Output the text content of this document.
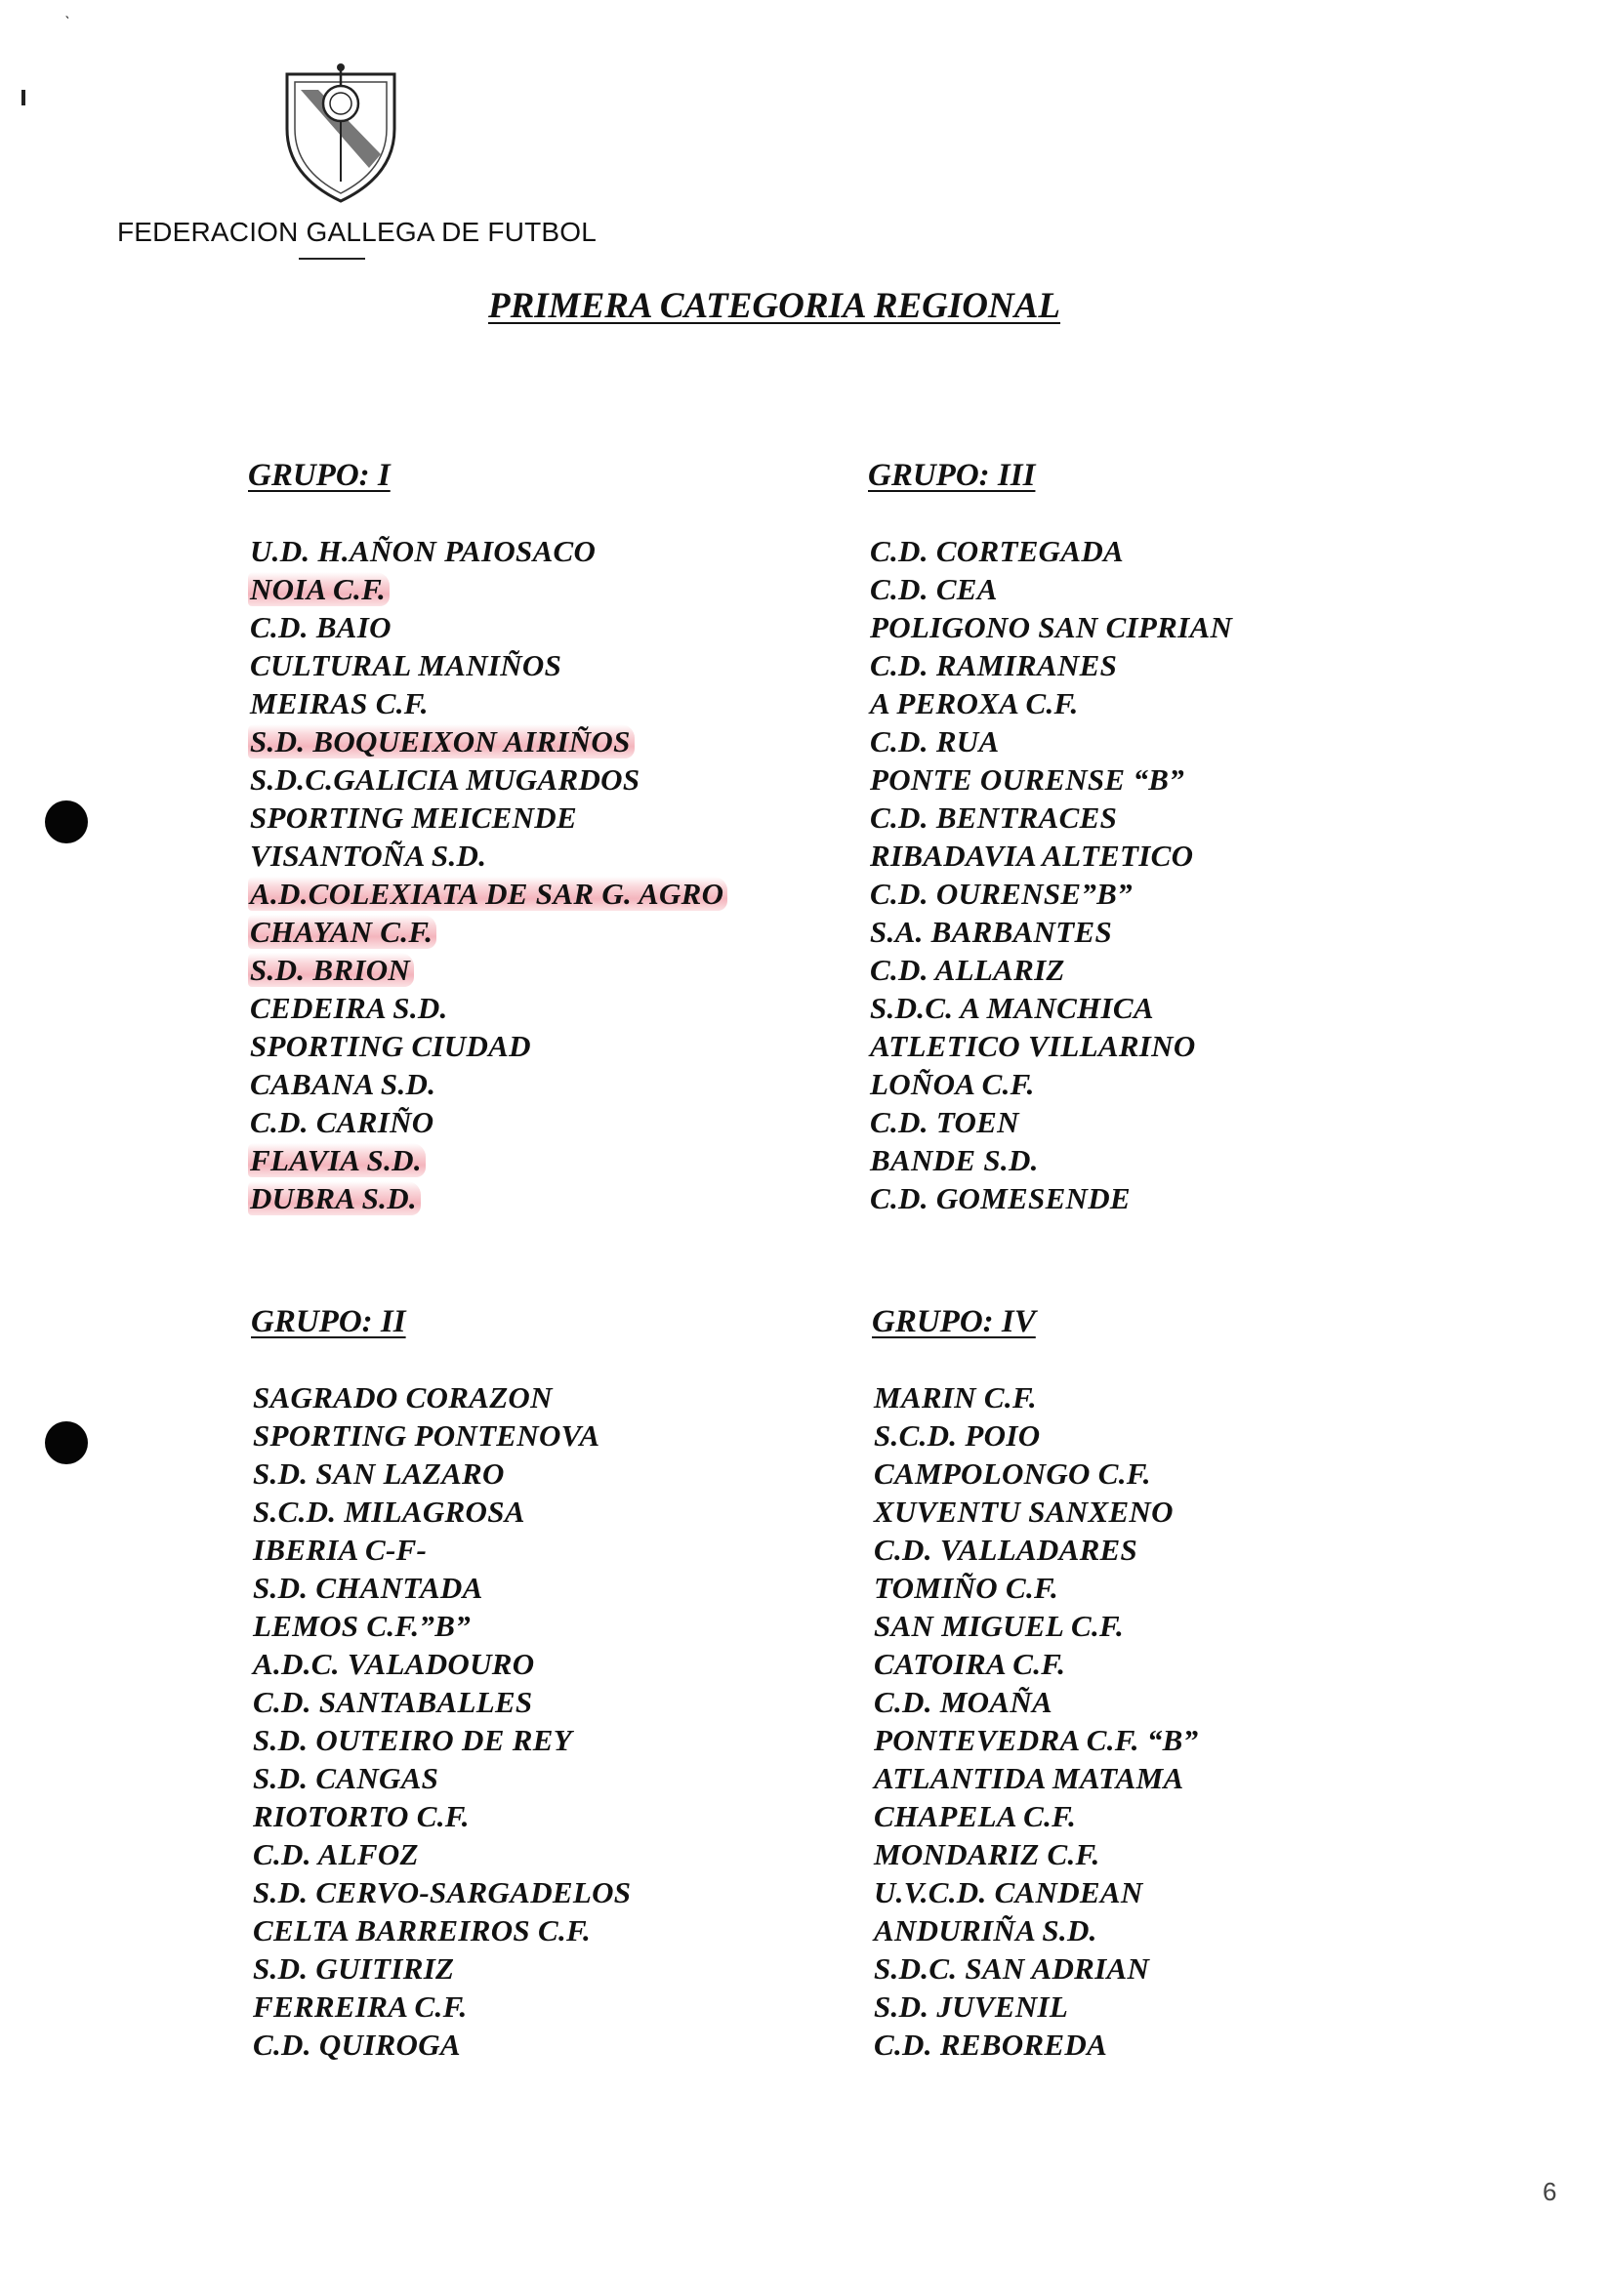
ˋ
FEDERACION GALLEGA DE FUTBOL
PRIMERA CATEGORIA REGIONAL
GRUPO: I
U.D. H.AÑON PAIOSACO
NOIA C.F.
C.D. BAIO
CULTURAL MANIÑOS
MEIRAS C.F.
S.D. BOQUEIXON AIRIÑOS
S.D.C.GALICIA MUGARDOS
SPORTING MEICENDE
VISANTOÑA S.D.
A.D.COLEXIATA DE SAR G. AGRO
CHAYAN C.F.
S.D. BRION
CEDEIRA S.D.
SPORTING CIUDAD
CABANA S.D.
C.D. CARIÑO
FLAVIA S.D.
DUBRA S.D.
GRUPO: III
C.D. CORTEGADA
C.D. CEA
POLIGONO SAN CIPRIAN
C.D. RAMIRANES
A PEROXA C.F.
C.D. RUA
PONTE OURENSE “B”
C.D. BENTRACES
RIBADAVIA ALTETICO
C.D. OURENSE”B”
S.A. BARBANTES
C.D. ALLARIZ
S.D.C. A MANCHICA
ATLETICO VILLARINO
LOÑOA C.F.
C.D. TOEN
BANDE S.D.
C.D. GOMESENDE
GRUPO: II
SAGRADO CORAZON
SPORTING PONTENOVA
S.D. SAN LAZARO
S.C.D. MILAGROSA
IBERIA C-F-
S.D. CHANTADA
LEMOS C.F.”B”
A.D.C. VALADOURO
C.D. SANTABALLES
S.D. OUTEIRO DE REY
S.D. CANGAS
RIOTORTO C.F.
C.D. ALFOZ
S.D. CERVO-SARGADELOS
CELTA BARREIROS C.F.
S.D. GUITIRIZ
FERREIRA C.F.
C.D. QUIROGA
GRUPO: IV
MARIN C.F.
S.C.D. POIO
CAMPOLONGO C.F.
XUVENTU SANXENO
C.D. VALLADARES
TOMIÑO C.F.
SAN MIGUEL C.F.
CATOIRA C.F.
C.D. MOAÑA
PONTEVEDRA C.F. “B”
ATLANTIDA MATAMA
CHAPELA C.F.
MONDARIZ C.F.
U.V.C.D. CANDEAN
ANDURIÑA S.D.
S.D.C. SAN ADRIAN
S.D. JUVENIL
C.D. REBOREDA
6
